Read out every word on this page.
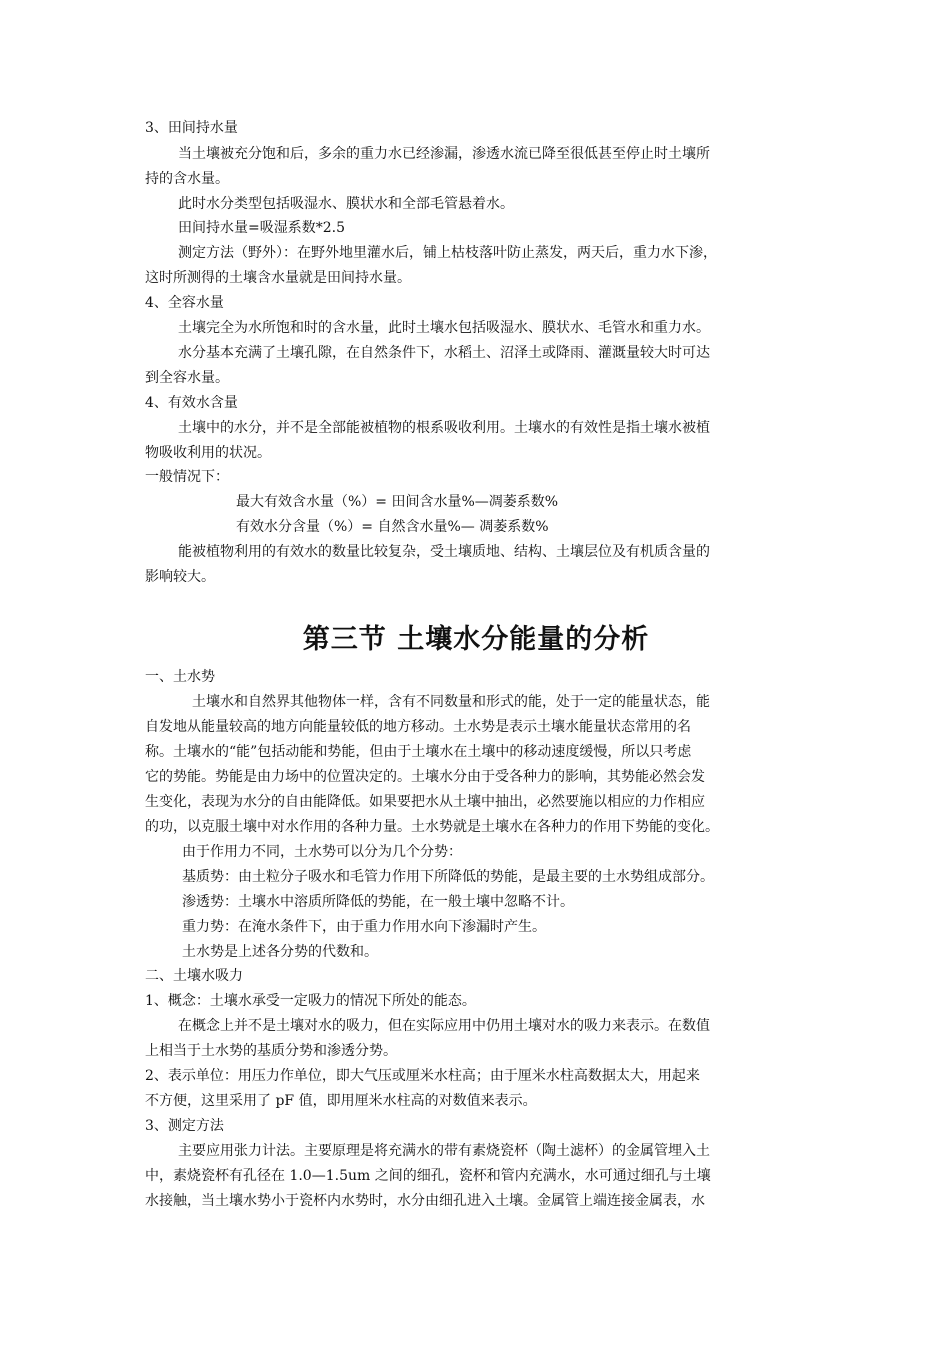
3、田间持水量
当土壤被充分饱和后，多余的重力水已经渗漏，渗透水流已降至很低甚至停止时土壤所
持的含水量。
此时水分类型包括吸湿水、膜状水和全部毛管悬着水。
田间持水量=吸湿系数*2.5
测定方法（野外）：在野外地里灌水后，铺上枯枝落叶防止蒸发，两天后，重力水下渗，
这时所测得的土壤含水量就是田间持水量。
4、全容水量
土壤完全为水所饱和时的含水量，此时土壤水包括吸湿水、膜状水、毛管水和重力水。
水分基本充满了土壤孔隙，在自然条件下，水稻土、沼泽土或降雨、灌溉量较大时可达
到全容水量。
4、有效水含量
土壤中的水分，并不是全部能被植物的根系吸收利用。土壤水的有效性是指土壤水被植
物吸收利用的状况。
一般情况下：
最大有效含水量（%）= 田间含水量%—凋萎系数%
有效水分含量（%）= 自然含水量%— 凋萎系数%
能被植物利用的有效水的数量比较复杂，受土壤质地、结构、土壤层位及有机质含量的
影响较大。
第三节 土壤水分能量的分析
一、土水势
土壤水和自然界其他物体一样，含有不同数量和形式的能，处于一定的能量状态，能
自发地从能量较高的地方向能量较低的地方移动。土水势是表示土壤水能量状态常用的名
称。土壤水的“能”包括动能和势能，但由于土壤水在土壤中的移动速度缓慢，所以只考虑
它的势能。势能是由力场中的位置决定的。土壤水分由于受各种力的影响，其势能必然会发
生变化，表现为水分的自由能降低。如果要把水从土壤中抽出，必然要施以相应的力作相应
的功，以克服土壤中对水作用的各种力量。土水势就是土壤水在各种力的作用下势能的变化。
由于作用力不同，土水势可以分为几个分势：
基质势：由土粒分子吸水和毛管力作用下所降低的势能，是最主要的土水势组成部分。
渗透势：土壤水中溶质所降低的势能，在一般土壤中忽略不计。
重力势：在淹水条件下，由于重力作用水向下渗漏时产生。
土水势是上述各分势的代数和。
二、土壤水吸力
1、概念：土壤水承受一定吸力的情况下所处的能态。
在概念上并不是土壤对水的吸力，但在实际应用中仍用土壤对水的吸力来表示。在数值
上相当于土水势的基质分势和渗透分势。
2、表示单位：用压力作单位，即大气压或厘米水柱高；由于厘米水柱高数据太大，用起来
不方便，这里采用了 pF 值，即用厘米水柱高的对数值来表示。
3、测定方法
主要应用张力计法。主要原理是将充满水的带有素烧瓷杯（陶土滤杯）的金属管埋入土
中，素烧瓷杯有孔径在 1.0—1.5um 之间的细孔，瓷杯和管内充满水，水可通过细孔与土壤
水接触，当土壤水势小于瓷杯内水势时，水分由细孔进入土壤。金属管上端连接金属表，水
